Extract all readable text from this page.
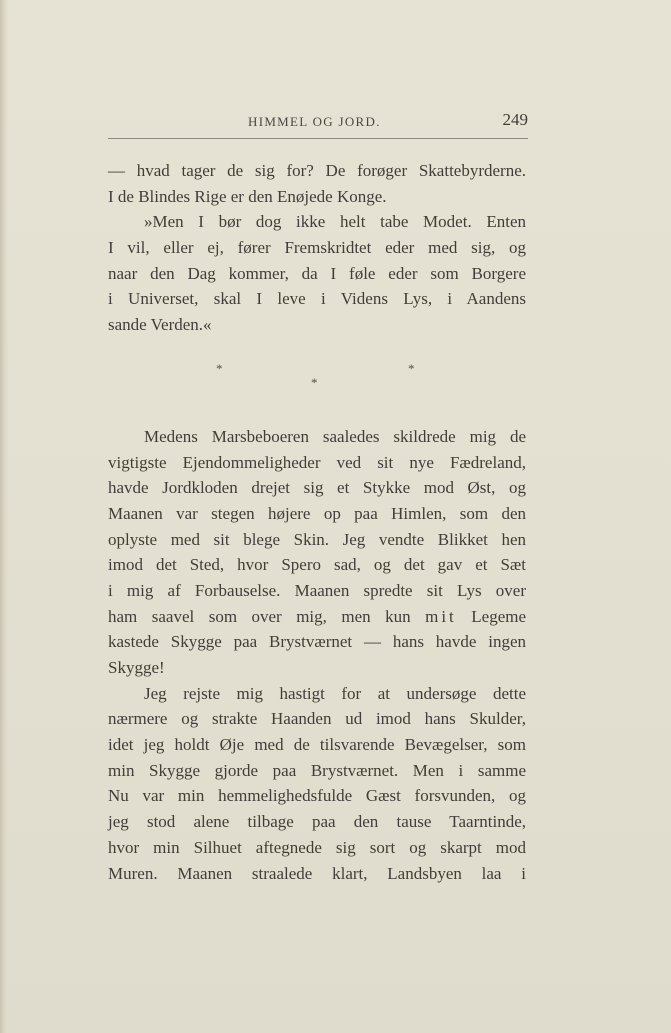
HIMMEL OG JORD.	249
— hvad tager de sig for? De forøger Skattebyrderne.
I de Blindes Rige er den Enøjede Konge.
»Men I bør dog ikke helt tabe Modet. Enten
I vil, eller ej, fører Fremskridtet eder med sig, og
naar den Dag kommer, da I føle eder som Borgere
i Universet, skal I leve i Videns Lys, i Aandens
sande Verden.«
*
*
*
Medens Marsbeboeren saaledes skildrede mig de
vigtigste Ejendommeligheder ved sit nye Fædreland,
havde Jordkloden drejet sig et Stykke mod Øst, og
Maanen var stegen højere op paa Himlen, som den
oplyste med sit blege Skin. Jeg vendte Blikket hen
imod det Sted, hvor Spero sad, og det gav et Sæt
i mig af Forbauselse. Maanen spredte sit Lys over
ham saavel som over mig, men kun mit Legeme
kastede Skygge paa Brystværnet — hans havde ingen
Skygge!
Jeg rejste mig hastigt for at undersøge dette
nærmere og strakte Haanden ud imod hans Skulder,
idet jeg holdt Øje med de tilsvarende Bevægelser, som
min Skygge gjorde paa Brystværnet. Men i samme
Nu var min hemmelighedsfulde Gæst forsvunden, og
jeg stod alene tilbage paa den tause Taarntinde,
hvor min Silhuet aftegnede sig sort og skarpt mod
Muren. Maanen straalede klart, Landsbyen laa i
